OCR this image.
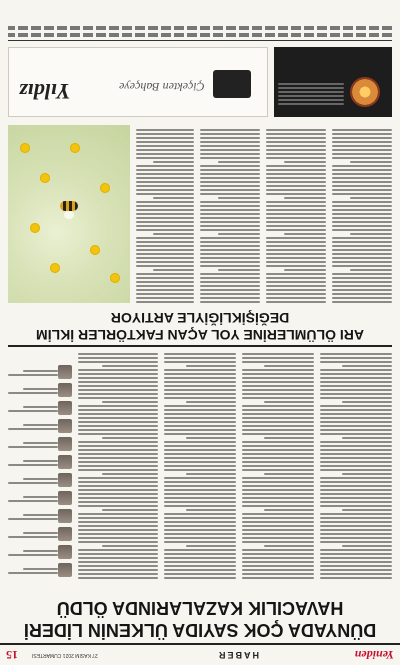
Yeniden
HABER
27 KASIM 2021 CUMARTESİ
15
DÜNYADA ÇOK SAYIDA ÜLKENİN LİDERİ HAVACILIK KAZALARINDA ÖLDÜ
ARI ÖLÜMLERİNE YOL AÇAN FAKTÖRLER İKLİM DEĞİŞİKLİĞİYLE ARTIYOR
Çiçekten Bahçeye
Yıldız
